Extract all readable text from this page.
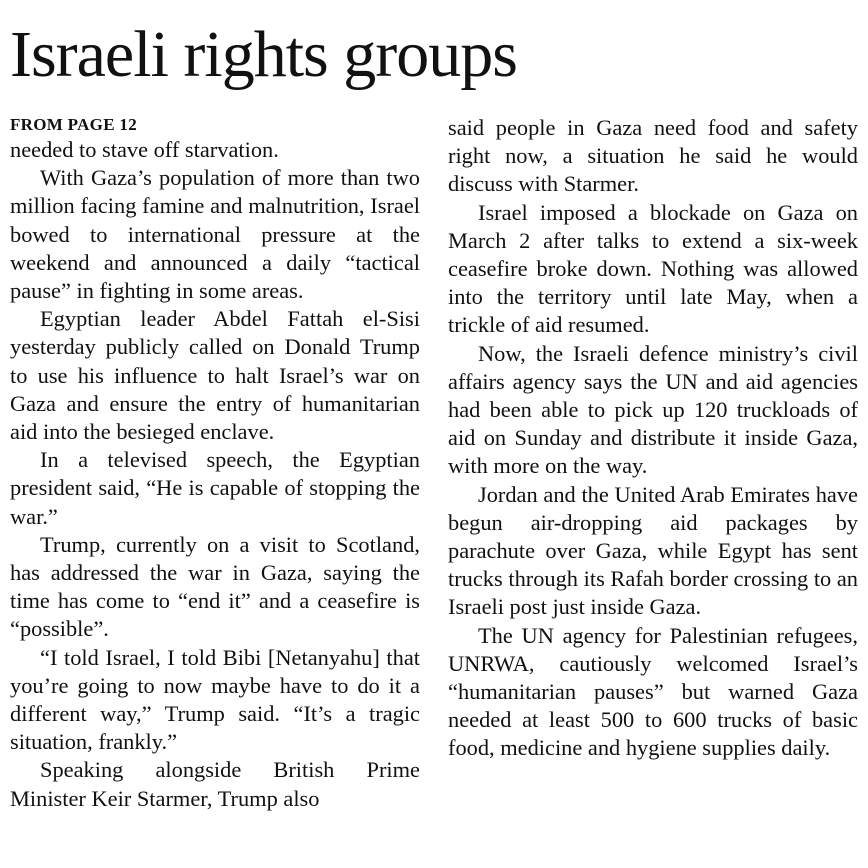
Israeli rights groups
FROM PAGE 12

needed to stave off starvation.

With Gaza’s population of more than two million facing famine and malnutrition, Israel bowed to international pressure at the weekend and announced a daily “tactical pause” in fighting in some areas.

Egyptian leader Abdel Fattah el-Sisi yesterday publicly called on Donald Trump to use his influence to halt Israel’s war on Gaza and ensure the entry of humanitarian aid into the besieged enclave.

In a televised speech, the Egyptian president said, “He is capable of stopping the war.”

Trump, currently on a visit to Scotland, has addressed the war in Gaza, saying the time has come to “end it” and a ceasefire is “possible”.

“I told Israel, I told Bibi [Netanyahu] that you’re going to now maybe have to do it a different way,” Trump said. “It’s a tragic situation, frankly.”

Speaking alongside British Prime Minister Keir Starmer, Trump also

said people in Gaza need food and safety right now, a situation he said he would discuss with Starmer.

Israel imposed a blockade on Gaza on March 2 after talks to extend a six-week ceasefire broke down. Nothing was allowed into the territory until late May, when a trickle of aid resumed.

Now, the Israeli defence ministry’s civil affairs agency says the UN and aid agencies had been able to pick up 120 truckloads of aid on Sunday and distribute it inside Gaza, with more on the way.

Jordan and the United Arab Emirates have begun air-dropping aid packages by parachute over Gaza, while Egypt has sent trucks through its Rafah border crossing to an Israeli post just inside Gaza.

The UN agency for Palestinian refugees, UNRWA, cautiously welcomed Israel’s “humanitarian pauses” but warned Gaza needed at least 500 to 600 trucks of basic food, medicine and hygiene supplies daily.
